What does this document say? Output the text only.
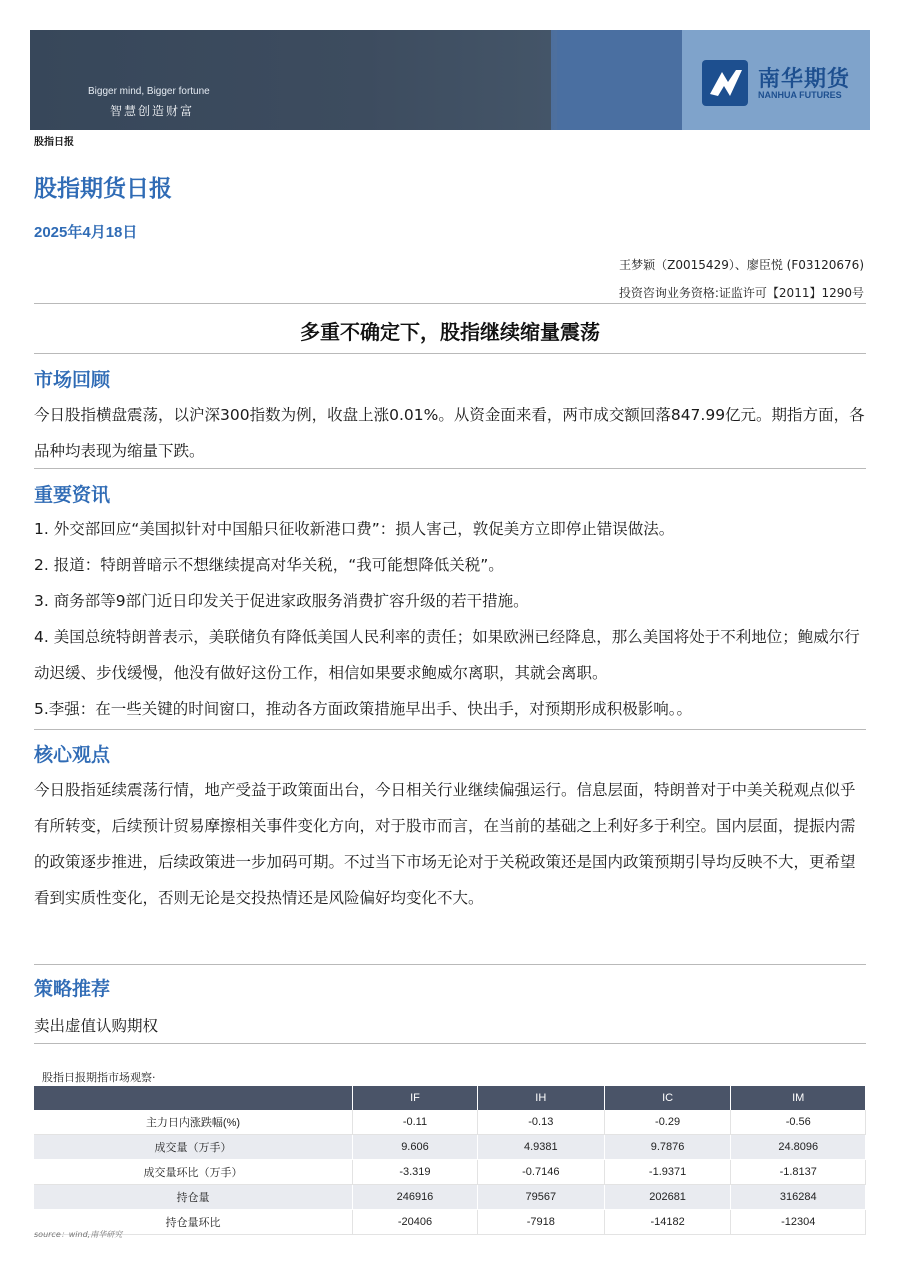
Bigger mind, Bigger fortune
智慧创造财富
南华期货
NANHUA FUTURES
股指日报
股指期货日报
2025年4月18日
王梦颖（Z0015429）、廖臣悦 (F03120676)
投资咨询业务资格:证监许可【2011】1290号
多重不确定下，股指继续缩量震荡
市场回顾
今日股指横盘震荡，以沪深300指数为例，收盘上涨0.01%。从资金面来看，两市成交额回落847.99亿元。期指方面，各品种均表现为缩量下跌。
重要资讯
1. 外交部回应“美国拟针对中国船只征收新港口费”：损人害己，敦促美方立即停止错误做法。
2. 报道：特朗普暗示不想继续提高对华关税，“我可能想降低关税”。
3. 商务部等9部门近日印发关于促进家政服务消费扩容升级的若干措施。
4. 美国总统特朗普表示，美联储负有降低美国人民利率的责任；如果欧洲已经降息，那么美国将处于不利地位；鲍威尔行动迟缓、步伐缓慢，他没有做好这份工作，相信如果要求鲍威尔离职，其就会离职。
5.李强：在一些关键的时间窗口，推动各方面政策措施早出手、快出手，对预期形成积极影响。。
核心观点
今日股指延续震荡行情，地产受益于政策面出台，今日相关行业继续偏强运行。信息层面，特朗普对于中美关税观点似乎有所转变，后续预计贸易摩擦相关事件变化方向，对于股市而言，在当前的基础之上利好多于利空。国内层面，提振内需的政策逐步推进，后续政策进一步加码可期。不过当下市场无论对于关税政策还是国内政策预期引导均反映不大，更希望看到实质性变化，否则无论是交投热情还是风险偏好均变化不大。
策略推荐
卖出虚值认购期权
股指日报期指市场观察·
	IF	IH	IC	IM
主力日内涨跌幅(%)	-0.11	-0.13	-0.29	-0.56
成交量（万手）	9.606	4.9381	9.7876	24.8096
成交量环比（万手）	-3.319	-0.7146	-1.9371	-1.8137
持仓量	246916	79567	202681	316284
持仓量环比	-20406	-7918	-14182	-12304
source：wind,南华研究
